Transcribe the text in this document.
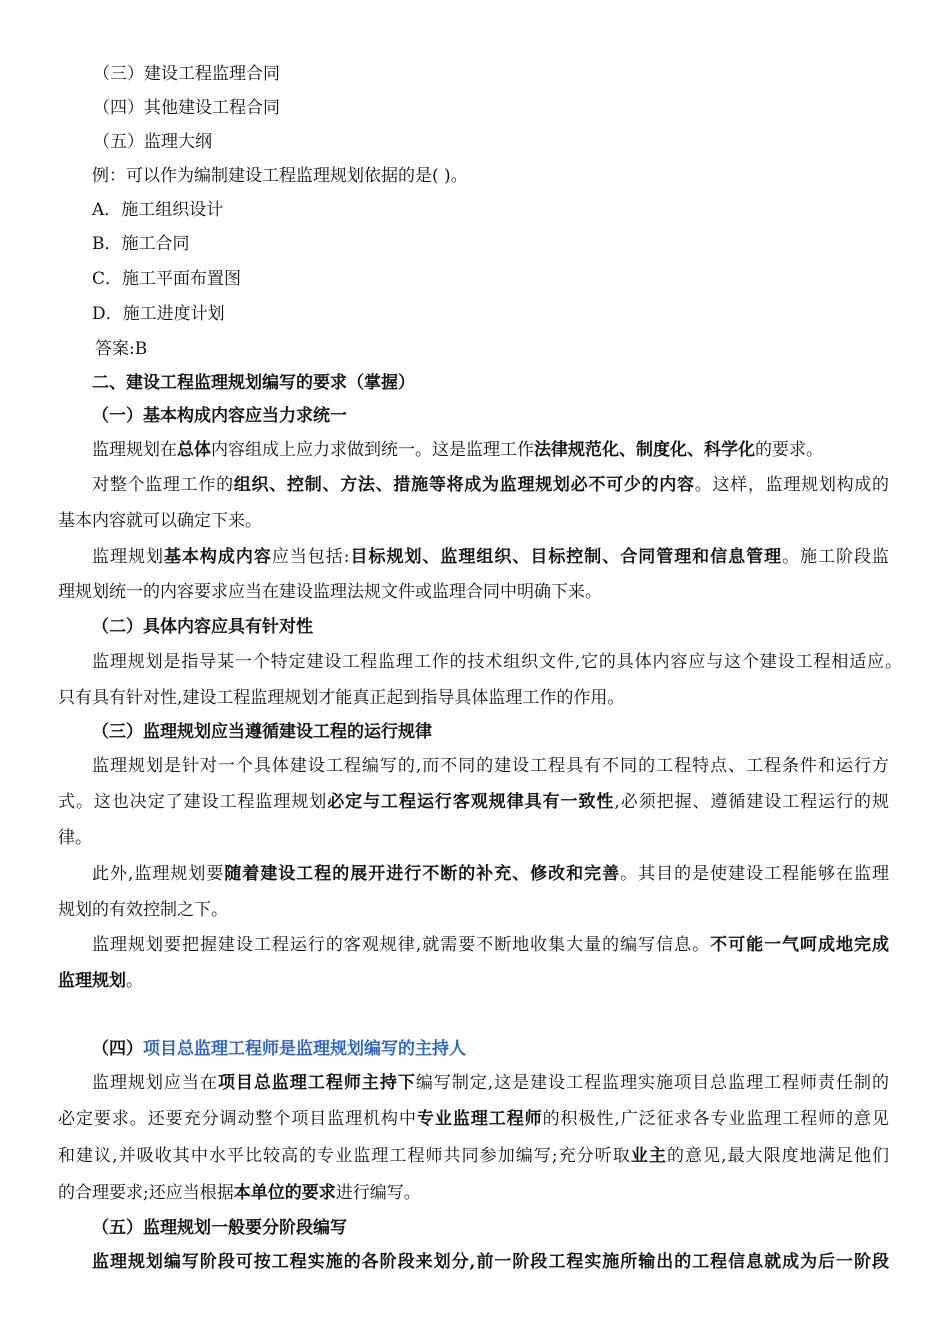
（三）建设工程监理合同
（四）其他建设工程合同
（五）监理大纲
例：可以作为编制建设工程监理规划依据的是( )。
A．施工组织设计
B．施工合同
C．施工平面布置图
D．施工进度计划
答案:B
二、建设工程监理规划编写的要求（掌握）
（一）基本构成内容应当力求统一
监理规划在总体内容组成上应力求做到统一。这是监理工作法律规范化、制度化、科学化的要求。
对整个监理工作的组织、控制、方法、措施等将成为监理规划必不可少的内容。这样，监理规划构成的
基本内容就可以确定下来。
监理规划基本构成内容应当包括:目标规划、监理组织、目标控制、合同管理和信息管理。施工阶段监
理规划统一的内容要求应当在建设监理法规文件或监理合同中明确下来。
（二）具体内容应具有针对性
监理规划是指导某一个特定建设工程监理工作的技术组织文件,它的具体内容应与这个建设工程相适应。
只有具有针对性,建设工程监理规划才能真正起到指导具体监理工作的作用。
（三）监理规划应当遵循建设工程的运行规律
监理规划是针对一个具体建设工程编写的,而不同的建设工程具有不同的工程特点、工程条件和运行方
式。这也决定了建设工程监理规划必定与工程运行客观规律具有一致性,必须把握、遵循建设工程运行的规
律。
此外,监理规划要随着建设工程的展开进行不断的补充、修改和完善。其目的是使建设工程能够在监理
规划的有效控制之下。
监理规划要把握建设工程运行的客观规律,就需要不断地收集大量的编写信息。不可能一气呵成地完成
监理规划。
（四）项目总监理工程师是监理规划编写的主持人
监理规划应当在项目总监理工程师主持下编写制定,这是建设工程监理实施项目总监理工程师责任制的
必定要求。还要充分调动整个项目监理机构中专业监理工程师的积极性,广泛征求各专业监理工程师的意见
和建议,并吸收其中水平比较高的专业监理工程师共同参加编写;充分听取业主的意见,最大限度地满足他们
的合理要求;还应当根据本单位的要求进行编写。
（五）监理规划一般要分阶段编写
监理规划编写阶段可按工程实施的各阶段来划分,前一阶段工程实施所输出的工程信息就成为后一阶段
